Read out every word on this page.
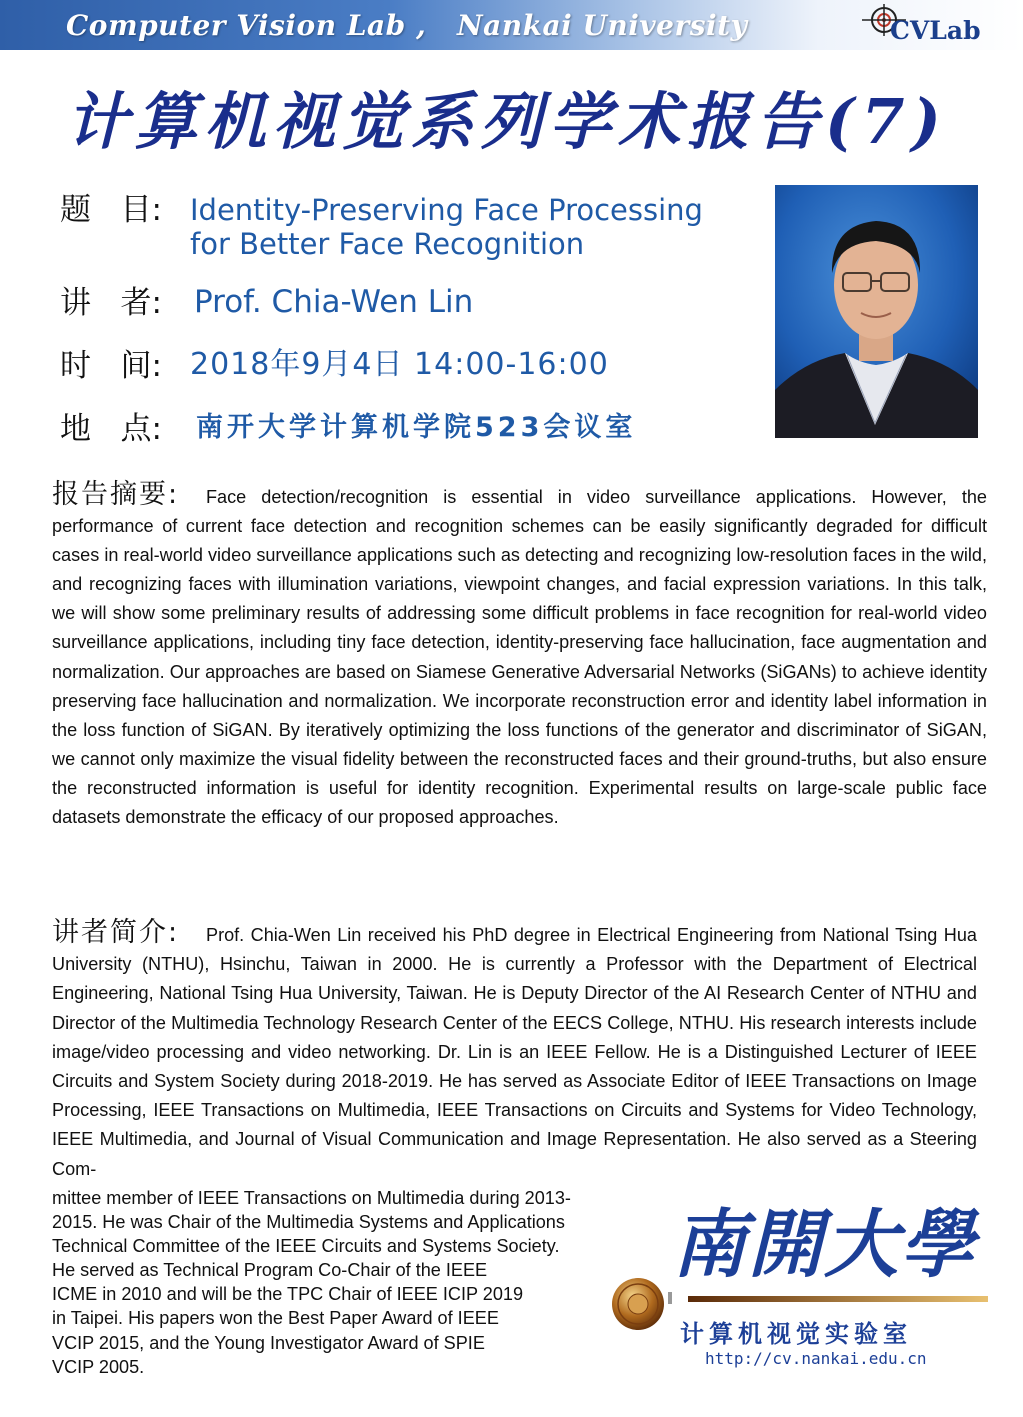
Computer Vision Lab ,   Nankai University	CVLab
计算机视觉系列学术报告(7)
题   目: Identity-Preserving Face Processing
for Better Face Recognition
讲   者: Prof. Chia-Wen Lin
时   间: 2018年9月4日 14:00-16:00
地   点: 南开大学计算机学院523会议室
报告摘要:	Face detection/recognition is essential in video surveillance applications. However, the performance of current face detection and recognition schemes can be easily significantly degraded for difficult cases in real-world video surveillance applications such as detecting and recognizing low-resolution faces in the wild, and recognizing faces with illumination variations, viewpoint changes, and facial expression variations. In this talk, we will show some preliminary results of addressing some difficult problems in face recognition for real-world video surveillance applications, including tiny face detection, identity-preserving face hallucination, face augmentation and normalization. Our approaches are based on Siamese Generative Adversarial Networks (SiGANs) to achieve identity preserving face hallucination and normalization. We incorporate reconstruction error and identity label information in the loss function of SiGAN. By iteratively optimizing the loss functions of the generator and discriminator of SiGAN, we cannot only maximize the visual fidelity between the reconstructed faces and their ground-truths, but also ensure the reconstructed information is useful for identity recognition. Experimental results on large-scale public face datasets demonstrate the efficacy of our proposed approaches.
讲者简介:	Prof. Chia-Wen Lin received his PhD degree in Electrical Engineering from National Tsing Hua University (NTHU), Hsinchu, Taiwan in 2000. He is currently a Professor with the Department of Electrical Engineering, National Tsing Hua University, Taiwan. He is Deputy Director of the AI Research Center of NTHU and Director of the Multimedia Technology Research Center of the EECS College, NTHU. His research interests include image/video processing and video networking. Dr. Lin is an IEEE Fellow. He is a Distinguished Lecturer of IEEE Circuits and System Society during 2018-2019. He has served as Associate Editor of IEEE Transactions on Image Processing, IEEE Transactions on Multimedia, IEEE Transactions on Circuits and Systems for Video Technology, IEEE Multimedia, and Journal of Visual Communication and Image Representation. He also served as a Steering Com-
mittee member of IEEE Transactions on Multimedia during 2013-
2015. He was Chair of the Multimedia Systems and Applications
Technical Committee of the IEEE Circuits and Systems Society.
He served as Technical Program Co-Chair of the IEEE
ICME in 2010 and will be the TPC Chair of IEEE ICIP 2019
in Taipei. His papers won the Best Paper Award of IEEE
VCIP 2015, and the Young Investigator Award of SPIE
VCIP 2005.
南開大學
计算机视觉实验室
http://cv.nankai.edu.cn
